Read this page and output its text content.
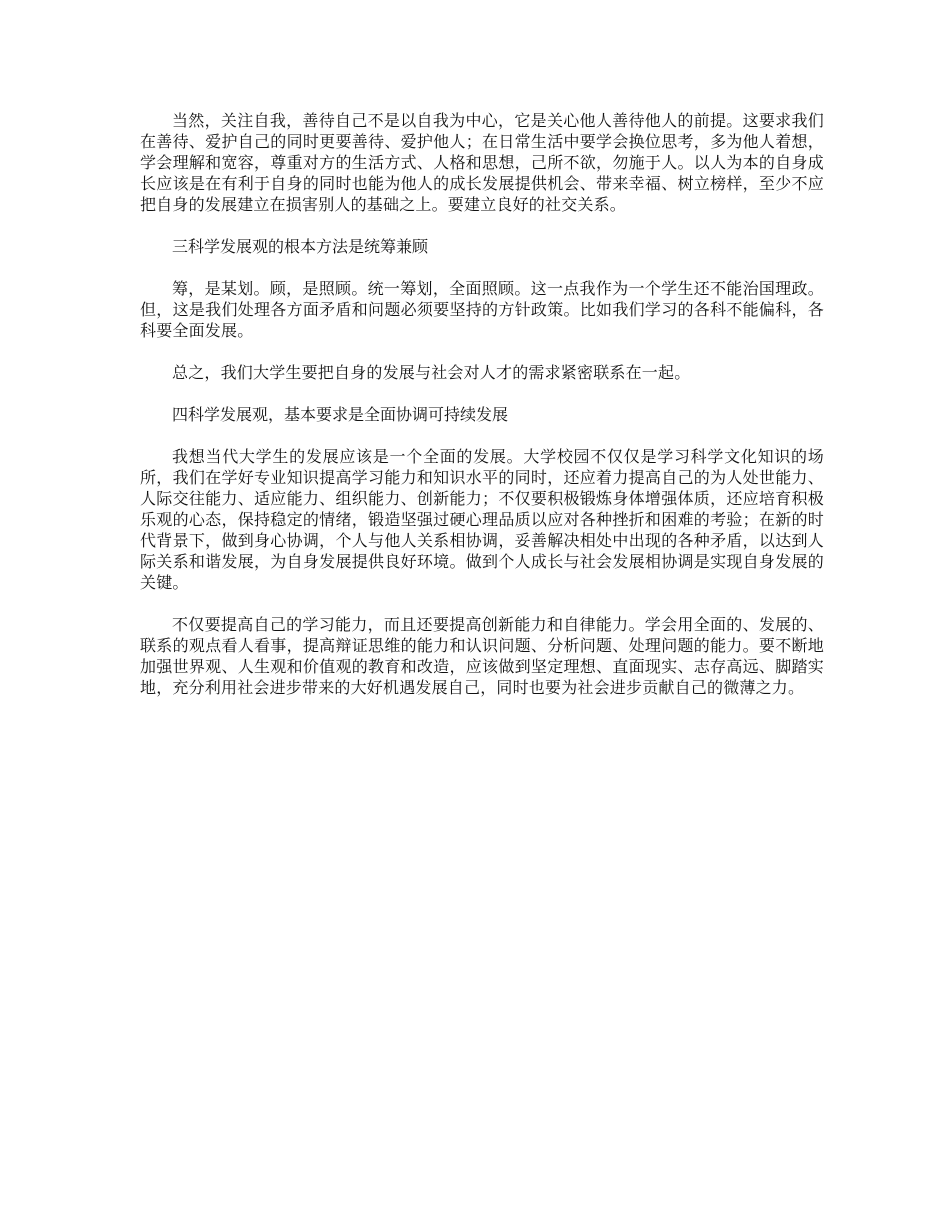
当然，关注自我，善待自己不是以自我为中心，它是关心他人善待他人的前提。这要求我们在善待、爱护自己的同时更要善待、爱护他人；在日常生活中要学会换位思考，多为他人着想，学会理解和宽容，尊重对方的生活方式、人格和思想，己所不欲，勿施于人。以人为本的自身成长应该是在有利于自身的同时也能为他人的成长发展提供机会、带来幸福、树立榜样，至少不应把自身的发展建立在损害别人的基础之上。要建立良好的社交关系。

三科学发展观的根本方法是统筹兼顾

筹，是某划。顾，是照顾。统一筹划，全面照顾。这一点我作为一个学生还不能治国理政。但，这是我们处理各方面矛盾和问题必须要坚持的方针政策。比如我们学习的各科不能偏科，各科要全面发展。

总之，我们大学生要把自身的发展与社会对人才的需求紧密联系在一起。

四科学发展观，基本要求是全面协调可持续发展

我想当代大学生的发展应该是一个全面的发展。大学校园不仅仅是学习科学文化知识的场所，我们在学好专业知识提高学习能力和知识水平的同时，还应着力提高自己的为人处世能力、人际交往能力、适应能力、组织能力、创新能力；不仅要积极锻炼身体增强体质，还应培育积极乐观的心态，保持稳定的情绪，锻造坚强过硬心理品质以应对各种挫折和困难的考验；在新的时代背景下，做到身心协调，个人与他人关系相协调，妥善解决相处中出现的各种矛盾，以达到人际关系和谐发展，为自身发展提供良好环境。做到个人成长与社会发展相协调是实现自身发展的关键。

不仅要提高自己的学习能力，而且还要提高创新能力和自律能力。学会用全面的、发展的、联系的观点看人看事，提高辩证思维的能力和认识问题、分析问题、处理问题的能力。要不断地加强世界观、人生观和价值观的教育和改造，应该做到坚定理想、直面现实、志存高远、脚踏实地，充分利用社会进步带来的大好机遇发展自己，同时也要为社会进步贡献自己的微薄之力。
